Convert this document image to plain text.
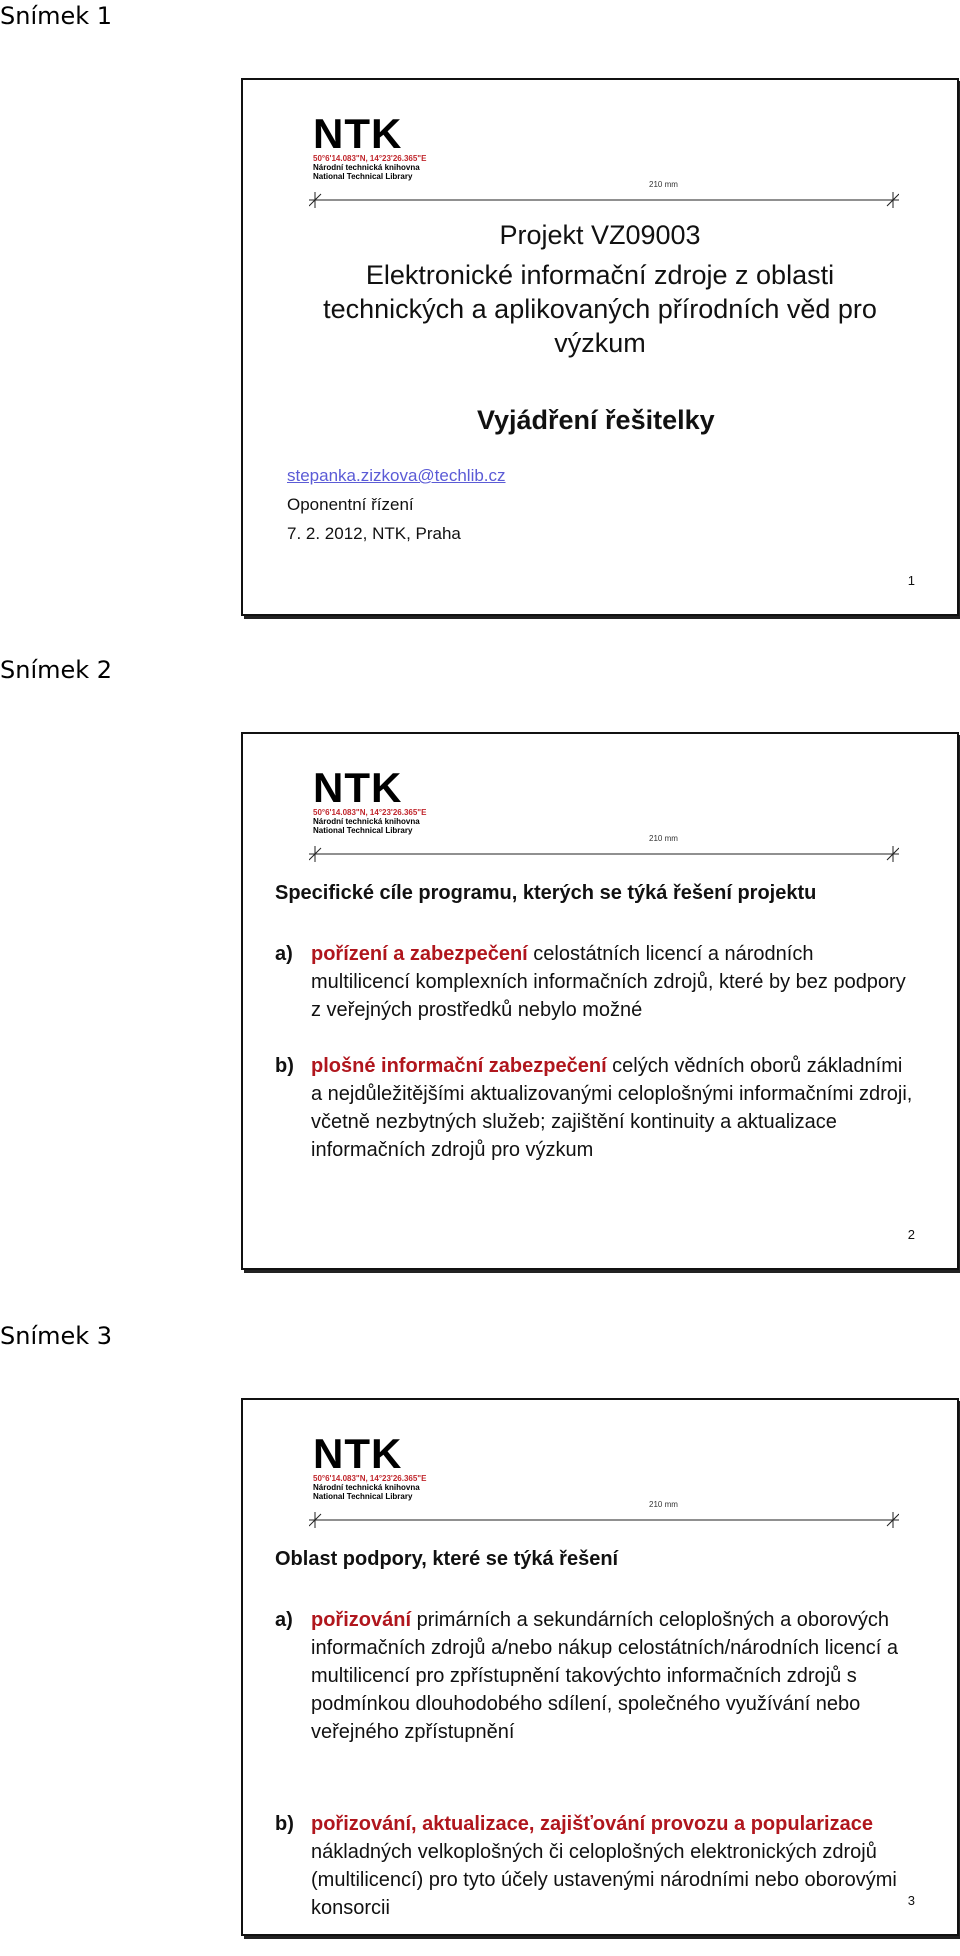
Snímek 1
NTK
50°6'14.083"N, 14°23'26.365"E
Národní technická knihovna
National Technical Library
210 mm
Projekt VZ09003
Elektronické informační zdroje z oblasti technických a aplikovaných přírodních věd pro výzkum
Vyjádření řešitelky
stepanka.zizkova@techlib.cz
Oponentní řízení
7. 2. 2012, NTK, Praha
1
Snímek 2
NTK
50°6'14.083"N, 14°23'26.365"E
Národní technická knihovna
National Technical Library
210 mm
Specifické cíle programu, kterých se týká řešení projektu
a) pořízení a zabezpečení celostátních licencí a národních multilicencí komplexních informačních zdrojů, které by bez podpory z veřejných prostředků nebylo možné
b) plošné informační zabezpečení celých vědních oborů základními a nejdůležitějšími aktualizovanými celoplošnými informačními zdroji, včetně nezbytných služeb; zajištění kontinuity a aktualizace informačních zdrojů pro výzkum
2
Snímek 3
NTK
50°6'14.083"N, 14°23'26.365"E
Národní technická knihovna
National Technical Library
210 mm
Oblast podpory, které se týká řešení
a) pořizování primárních a sekundárních celoplošných a oborových informačních zdrojů a/nebo nákup celostátních/národních licencí a multilicencí pro zpřístupnění takovýchto informačních zdrojů s podmínkou dlouhodobého sdílení, společného využívání nebo veřejného zpřístupnění
b) pořizování, aktualizace, zajišťování provozu a popularizace nákladných velkoplošných či celoplošných elektronických zdrojů (multilicencí) pro tyto účely ustavenými národními nebo oborovými konsorcii	3
